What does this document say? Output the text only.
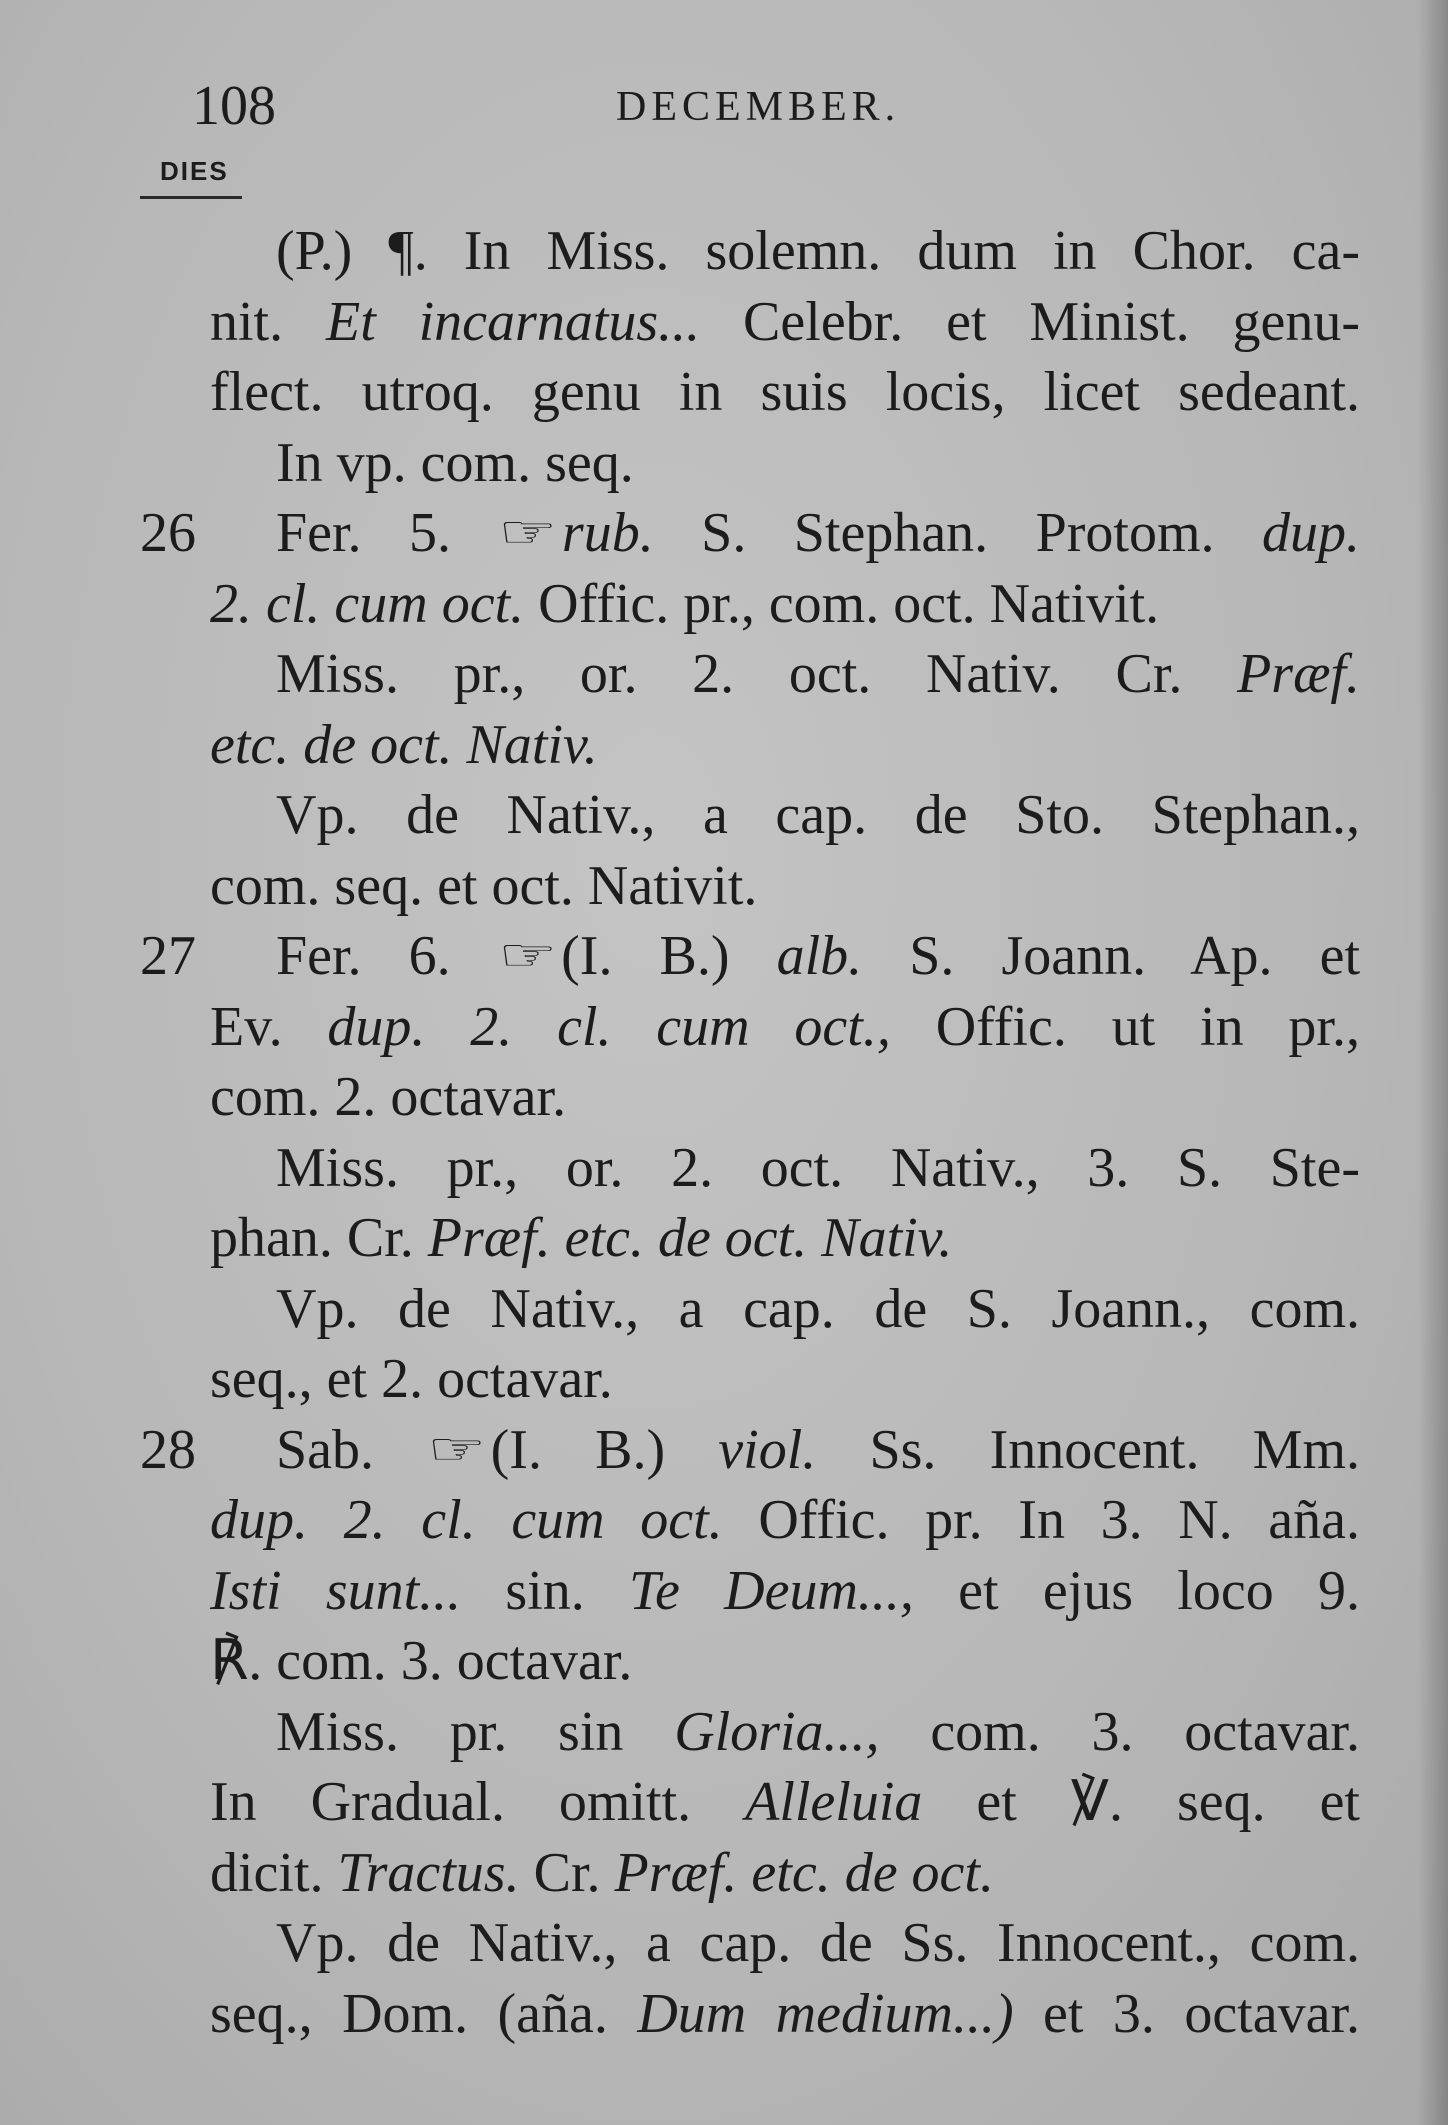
108	DECEMBER.
DIES
(P.) ¶. In Miss. solemn. dum in Chor. ca-
nit. Et incarnatus... Celebr. et Minist. genu-
flect. utroq. genu in suis locis, licet sedeant.
In vp. com. seq.
26	Fer. 5. ☞rub. S. Stephan. Protom. dup.
2. cl. cum oct. Offic. pr., com. oct. Nativit.
Miss. pr., or. 2. oct. Nativ. Cr. Præf.
etc. de oct. Nativ.
Vp. de Nativ., a cap. de Sto. Stephan.,
com. seq. et oct. Nativit.
27	Fer. 6. ☞(I. B.) alb. S. Joann. Ap. et
Ev. dup. 2. cl. cum oct., Offic. ut in pr.,
com. 2. octavar.
Miss. pr., or. 2. oct. Nativ., 3. S. Ste-
phan. Cr. Præf. etc. de oct. Nativ.
Vp. de Nativ., a cap. de S. Joann., com.
seq., et 2. octavar.
28	Sab. ☞(I. B.) viol. Ss. Innocent. Mm.
dup. 2. cl. cum oct. Offic. pr. In 3. N. aña.
Isti sunt... sin. Te Deum..., et ejus loco 9.
℟. com. 3. octavar.
Miss. pr. sin Gloria..., com. 3. octavar.
In Gradual. omitt. Alleluia et ℣. seq. et
dicit. Tractus. Cr. Præf. etc. de oct.
Vp. de Nativ., a cap. de Ss. Innocent., com.
seq., Dom. (aña. Dum medium...) et 3. octavar.
